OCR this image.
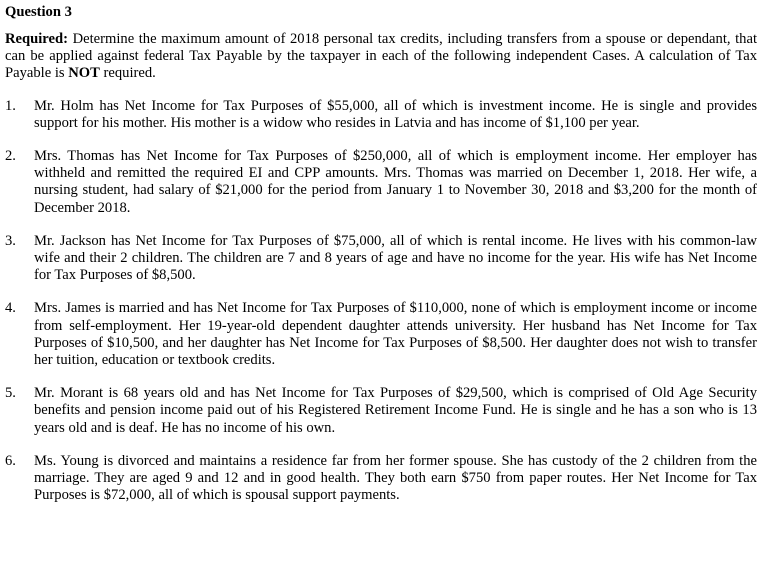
Question 3

Required: Determine the maximum amount of 2018 personal tax credits, including transfers from a spouse or dependant, that can be applied against federal Tax Payable by the taxpayer in each of the following independent Cases. A calculation of Tax Payable is NOT required.

1. Mr. Holm has Net Income for Tax Purposes of $55,000, all of which is investment income. He is single and provides support for his mother. His mother is a widow who resides in Latvia and has income of $1,100 per year.
2. Mrs. Thomas has Net Income for Tax Purposes of $250,000, all of which is employment income. Her employer has withheld and remitted the required EI and CPP amounts. Mrs. Thomas was married on December 1, 2018. Her wife, a nursing student, had salary of $21,000 for the period from January 1 to November 30, 2018 and $3,200 for the month of December 2018.
3. Mr. Jackson has Net Income for Tax Purposes of $75,000, all of which is rental income. He lives with his common-law wife and their 2 children. The children are 7 and 8 years of age and have no income for the year. His wife has Net Income for Tax Purposes of $8,500.
4. Mrs. James is married and has Net Income for Tax Purposes of $110,000, none of which is employment income or income from self-employment. Her 19-year-old dependent daughter attends university. Her husband has Net Income for Tax Purposes of $10,500, and her daughter has Net Income for Tax Purposes of $8,500. Her daughter does not wish to transfer her tuition, education or textbook credits.
5. Mr. Morant is 68 years old and has Net Income for Tax Purposes of $29,500, which is comprised of Old Age Security benefits and pension income paid out of his Registered Retirement Income Fund. He is single and he has a son who is 13 years old and is deaf. He has no income of his own.
6. Ms. Young is divorced and maintains a residence far from her former spouse. She has custody of the 2 children from the marriage. They are aged 9 and 12 and in good health. They both earn $750 from paper routes. Her Net Income for Tax Purposes is $72,000, all of which is spousal support payments.
